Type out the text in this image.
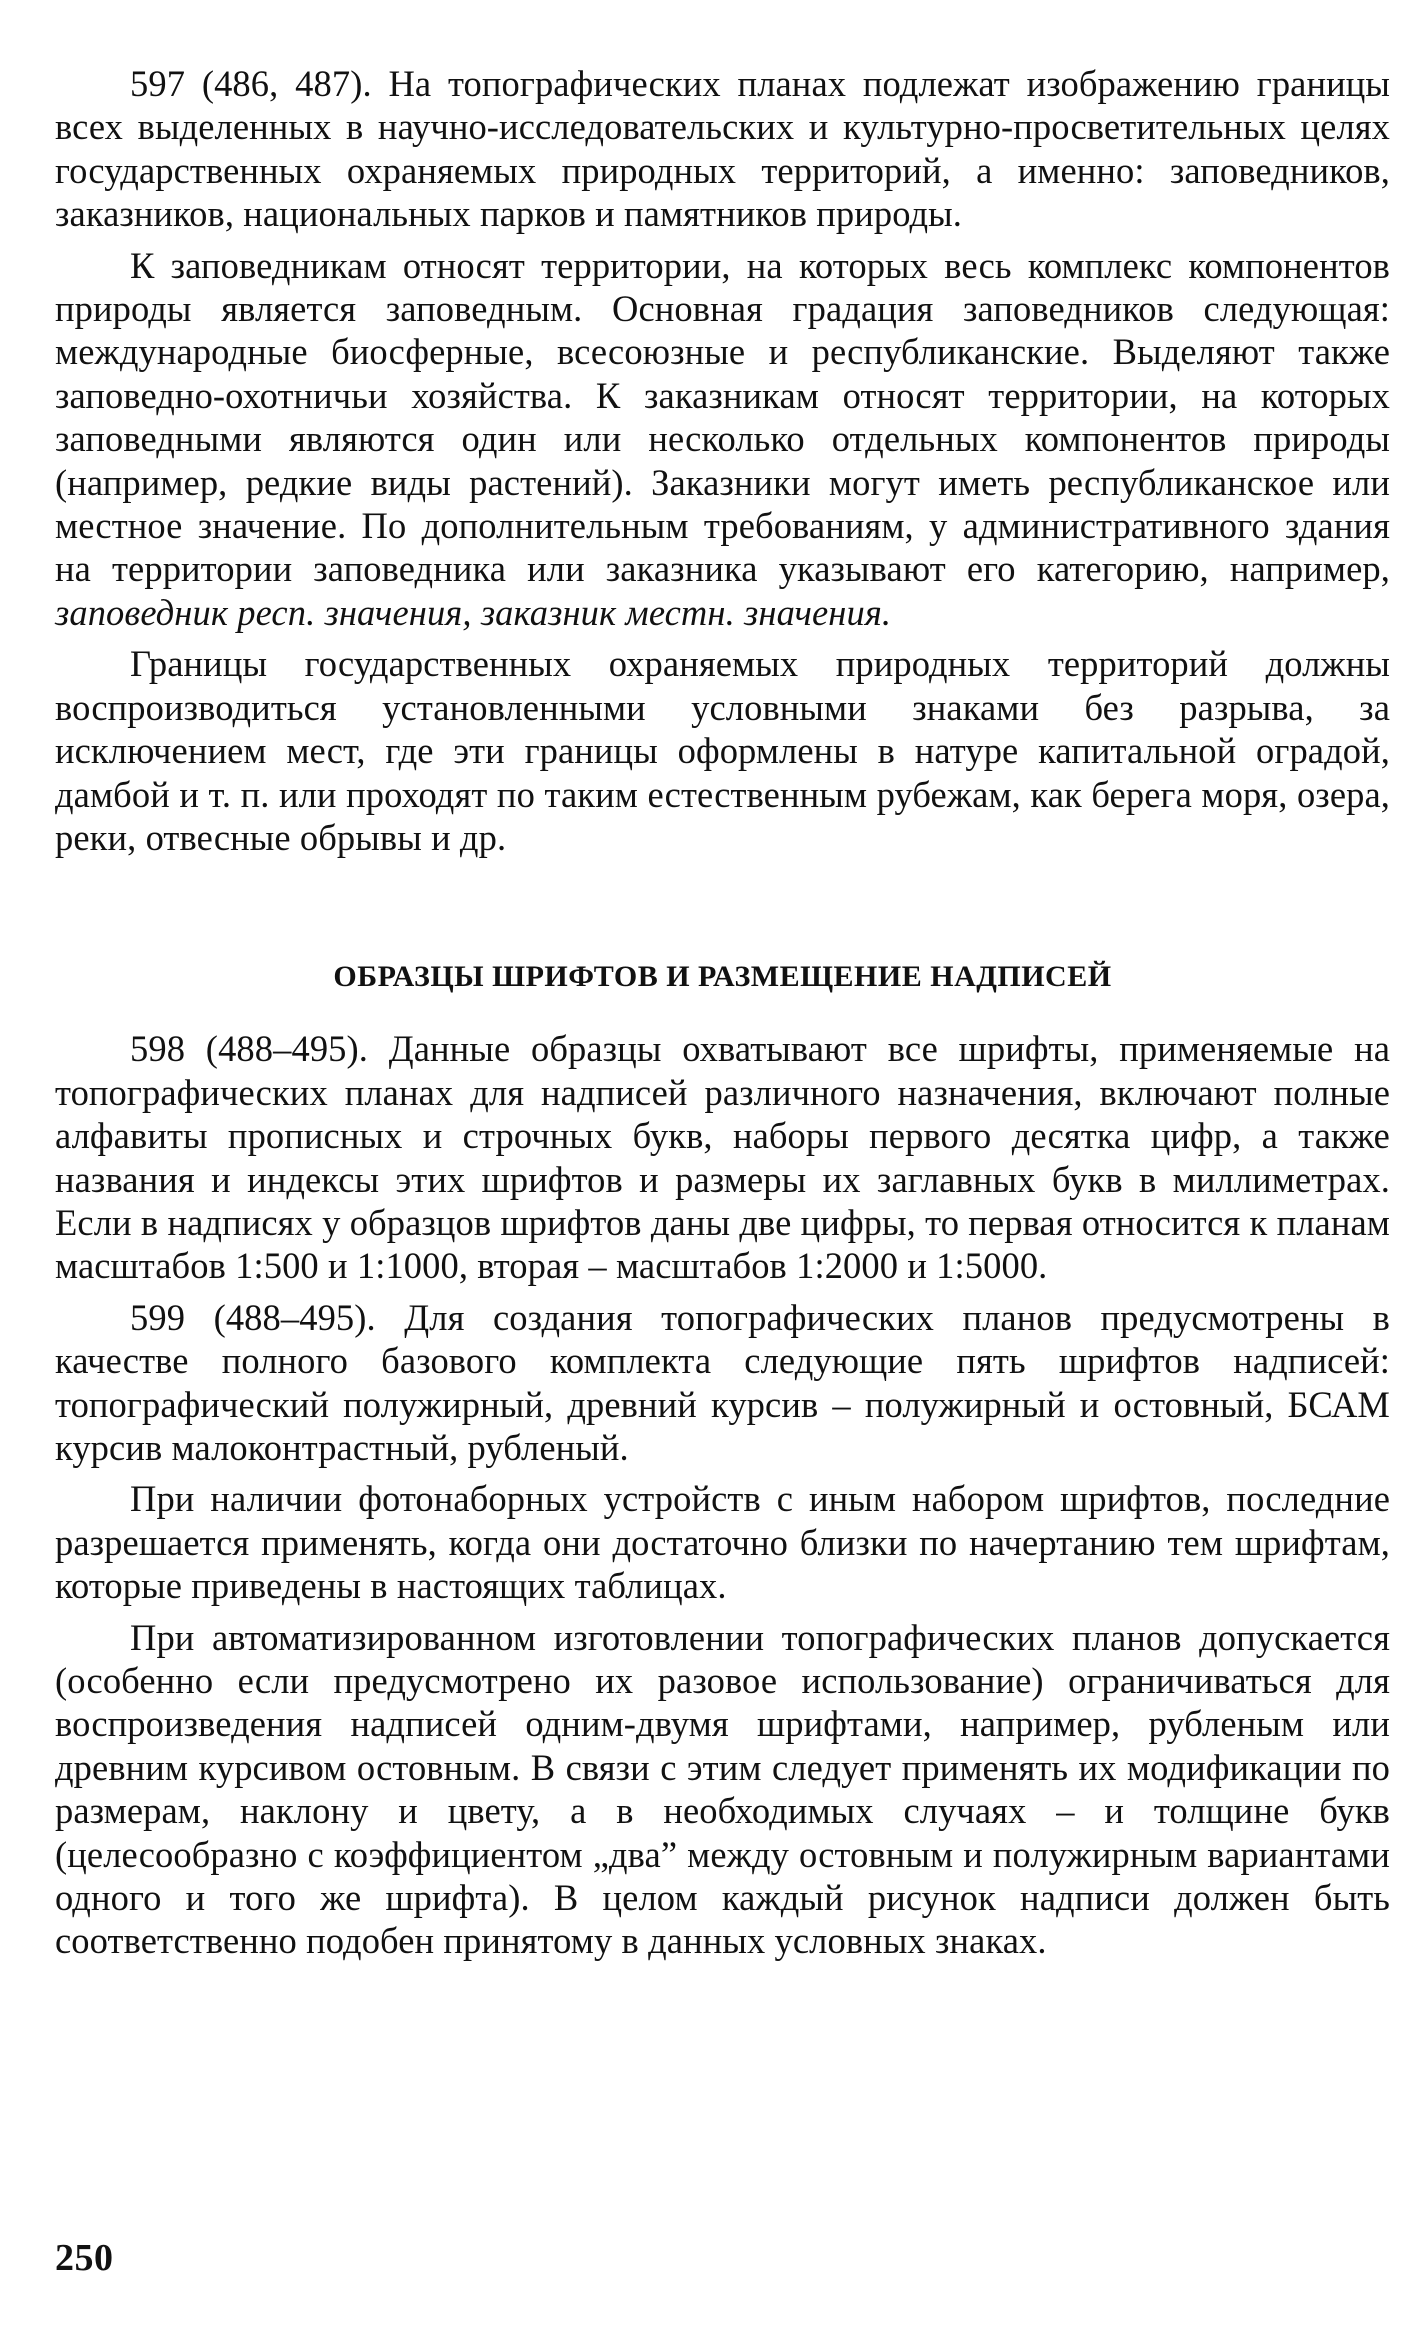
597 (486, 487). На топографических планах подлежат изображению границы всех выделенных в научно-исследовательских и культурно-просветительных целях государственных охраняемых природных территорий, а именно: заповедников, заказников, национальных парков и памятников природы.

К заповедникам относят территории, на которых весь комплекс компонентов природы является заповедным. Основная градация заповедников следующая: международные биосферные, всесоюзные и республиканские. Выделяют также заповедно-охотничьи хозяйства. К заказникам относят территории, на которых заповедными являются один или несколько отдельных компонентов природы (например, редкие виды растений). Заказники могут иметь республиканское или местное значение. По дополнительным требованиям, у административного здания на территории заповедника или заказника указывают его категорию, например, заповедник респ. значения, заказник местн. значения.

Границы государственных охраняемых природных территорий должны воспроизводиться установленными условными знаками без разрыва, за исключением мест, где эти границы оформлены в натуре капитальной оградой, дамбой и т. п. или проходят по таким естественным рубежам, как берега моря, озера, реки, отвесные обрывы и др.

ОБРАЗЦЫ ШРИФТОВ И РАЗМЕЩЕНИЕ НАДПИСЕЙ

598 (488–495). Данные образцы охватывают все шрифты, применяемые на топографических планах для надписей различного назначения, включают полные алфавиты прописных и строчных букв, наборы первого десятка цифр, а также названия и индексы этих шрифтов и размеры их заглавных букв в миллиметрах. Если в надписях у образцов шрифтов даны две цифры, то первая относится к планам масштабов 1:500 и 1:1000, вторая – масштабов 1:2000 и 1:5000.

599 (488–495). Для создания топографических планов предусмотрены в качестве полного базового комплекта следующие пять шрифтов надписей: топографический полужирный, древний курсив – полужирный и остовный, БСАМ курсив малоконтрастный, рубленый.

При наличии фотонаборных устройств с иным набором шрифтов, последние разрешается применять, когда они достаточно близки по начертанию тем шрифтам, которые приведены в настоящих таблицах.

При автоматизированном изготовлении топографических планов допускается (особенно если предусмотрено их разовое использование) ограничиваться для воспроизведения надписей одним-двумя шрифтами, например, рубленым или древним курсивом остовным. В связи с этим следует применять их модификации по размерам, наклону и цвету, а в необходимых случаях – и толщине букв (целесообразно с коэффициентом „два” между остовным и полужирным вариантами одного и того же шрифта). В целом каждый рисунок надписи должен быть соответственно подобен принятому в данных условных знаках.

250
